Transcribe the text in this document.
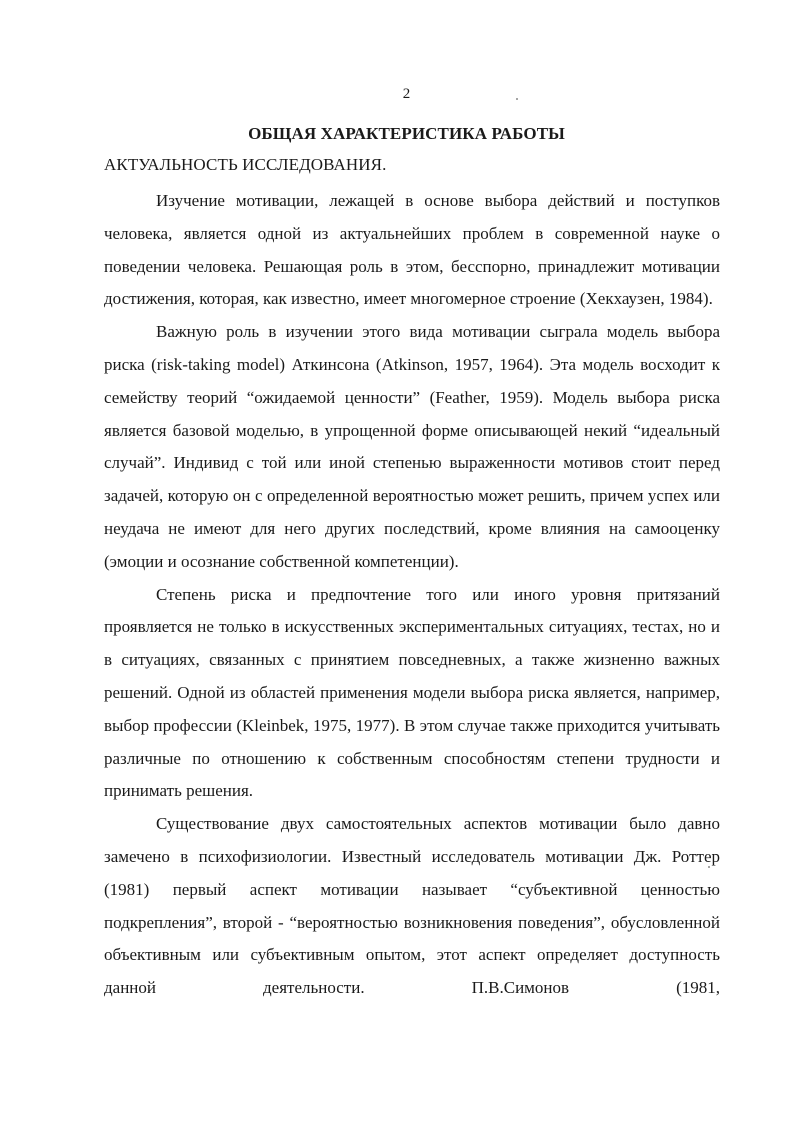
2
ОБЩАЯ ХАРАКТЕРИСТИКА РАБОТЫ
АКТУАЛЬНОСТЬ ИССЛЕДОВАНИЯ.

Изучение мотивации, лежащей в основе выбора действий и поступков человека, является одной из актуальнейших проблем в современной науке о поведении человека. Решающая роль в этом, бесспорно, принадлежит мотивации достижения, которая, как известно, имеет многомерное строение (Хекхаузен, 1984).

Важную роль в изучении этого вида мотивации сыграла модель выбора риска (risk-taking model) Аткинсона (Atkinson, 1957, 1964). Эта модель восходит к семейству теорий “ожидаемой ценности” (Feather, 1959). Модель выбора риска является базовой моделью, в упрощенной форме описывающей некий “идеальный случай”. Индивид с той или иной степенью выраженности мотивов стоит перед задачей, которую он с определенной вероятностью может решить, причем успех или неудача не имеют для него других последствий, кроме влияния на самооценку (эмоции и осознание собственной компетенции).

Степень риска и предпочтение того или иного уровня притязаний проявляется не только в искусственных экспериментальных ситуациях, тестах, но и в ситуациях, связанных с принятием повседневных, а также жизненно важных решений. Одной из областей применения модели выбора риска является, например, выбор профессии (Kleinbek, 1975, 1977). В этом случае также приходится учитывать различные по отношению к собственным способностям степени трудности и принимать решения.

Существование двух самостоятельных аспектов мотивации было давно замечено в психофизиологии. Известный исследователь мотивации Дж. Роттер (1981) первый аспект мотивации называет “субъективной ценностью подкрепления”, второй - “вероятностью возникновения поведения”, обусловленной объективным или субъективным опытом, этот аспект определяет доступность данной деятельности. П.В.Симонов (1981,
